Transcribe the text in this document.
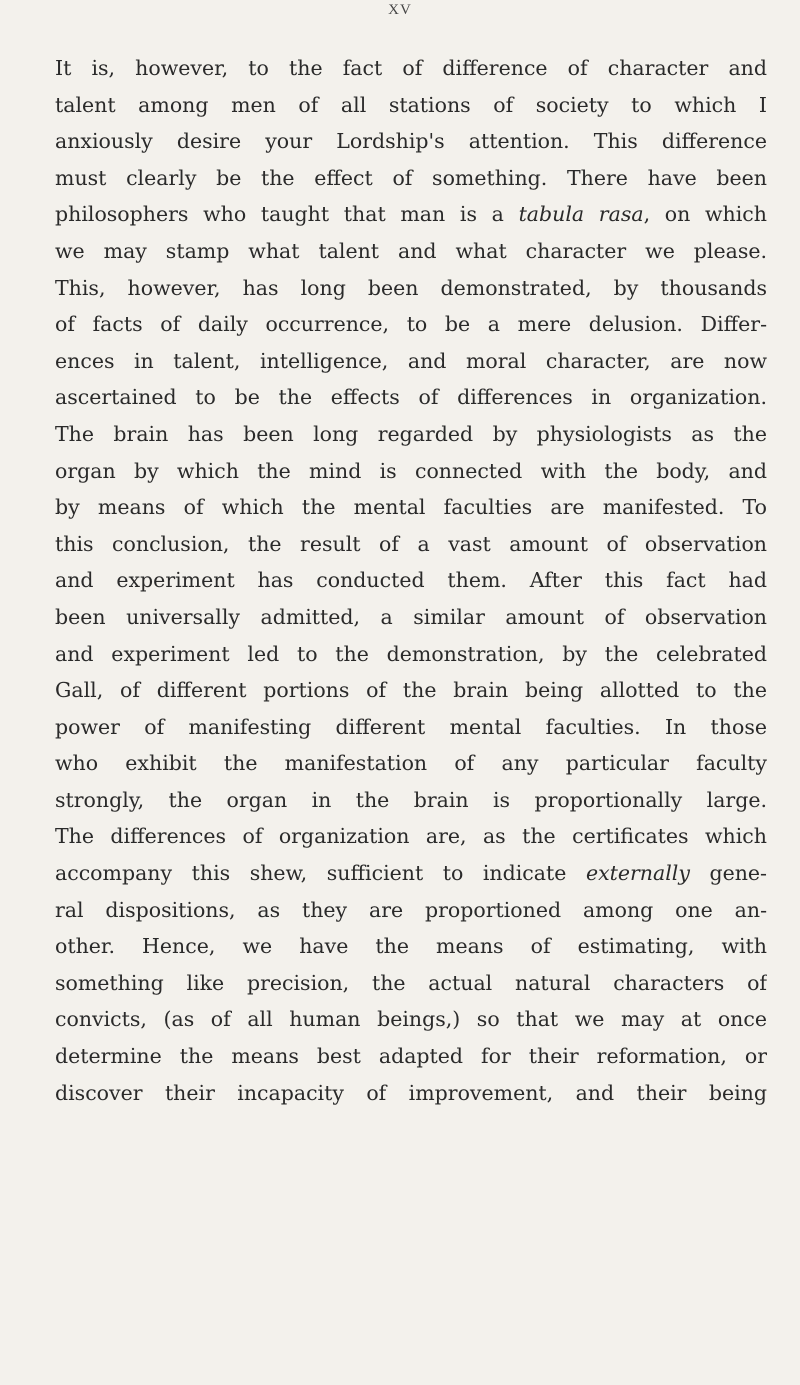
XV
It is, however, to the fact of difference of character and
talent among men of all stations of society to which I
anxiously desire your Lordship's attention. This difference
must clearly be the effect of something. There have been
philosophers who taught that man is a tabula rasa, on which
we may stamp what talent and what character we please.
This, however, has long been demonstrated, by thousands
of facts of daily occurrence, to be a mere delusion. Differ-
ences in talent, intelligence, and moral character, are now
ascertained to be the effects of differences in organization.
The brain has been long regarded by physiologists as the
organ by which the mind is connected with the body, and
by means of which the mental faculties are manifested. To
this conclusion, the result of a vast amount of observation
and experiment has conducted them. After this fact had
been universally admitted, a similar amount of observation
and experiment led to the demonstration, by the celebrated
Gall, of different portions of the brain being allotted to the
power of manifesting different mental faculties. In those
who exhibit the manifestation of any particular faculty
strongly, the organ in the brain is proportionally large.
The differences of organization are, as the certificates which
accompany this shew, sufficient to indicate externally gene-
ral dispositions, as they are proportioned among one an-
other. Hence, we have the means of estimating, with
something like precision, the actual natural characters of
convicts, (as of all human beings,) so that we may at once
determine the means best adapted for their reformation, or
discover their incapacity of improvement, and their being
